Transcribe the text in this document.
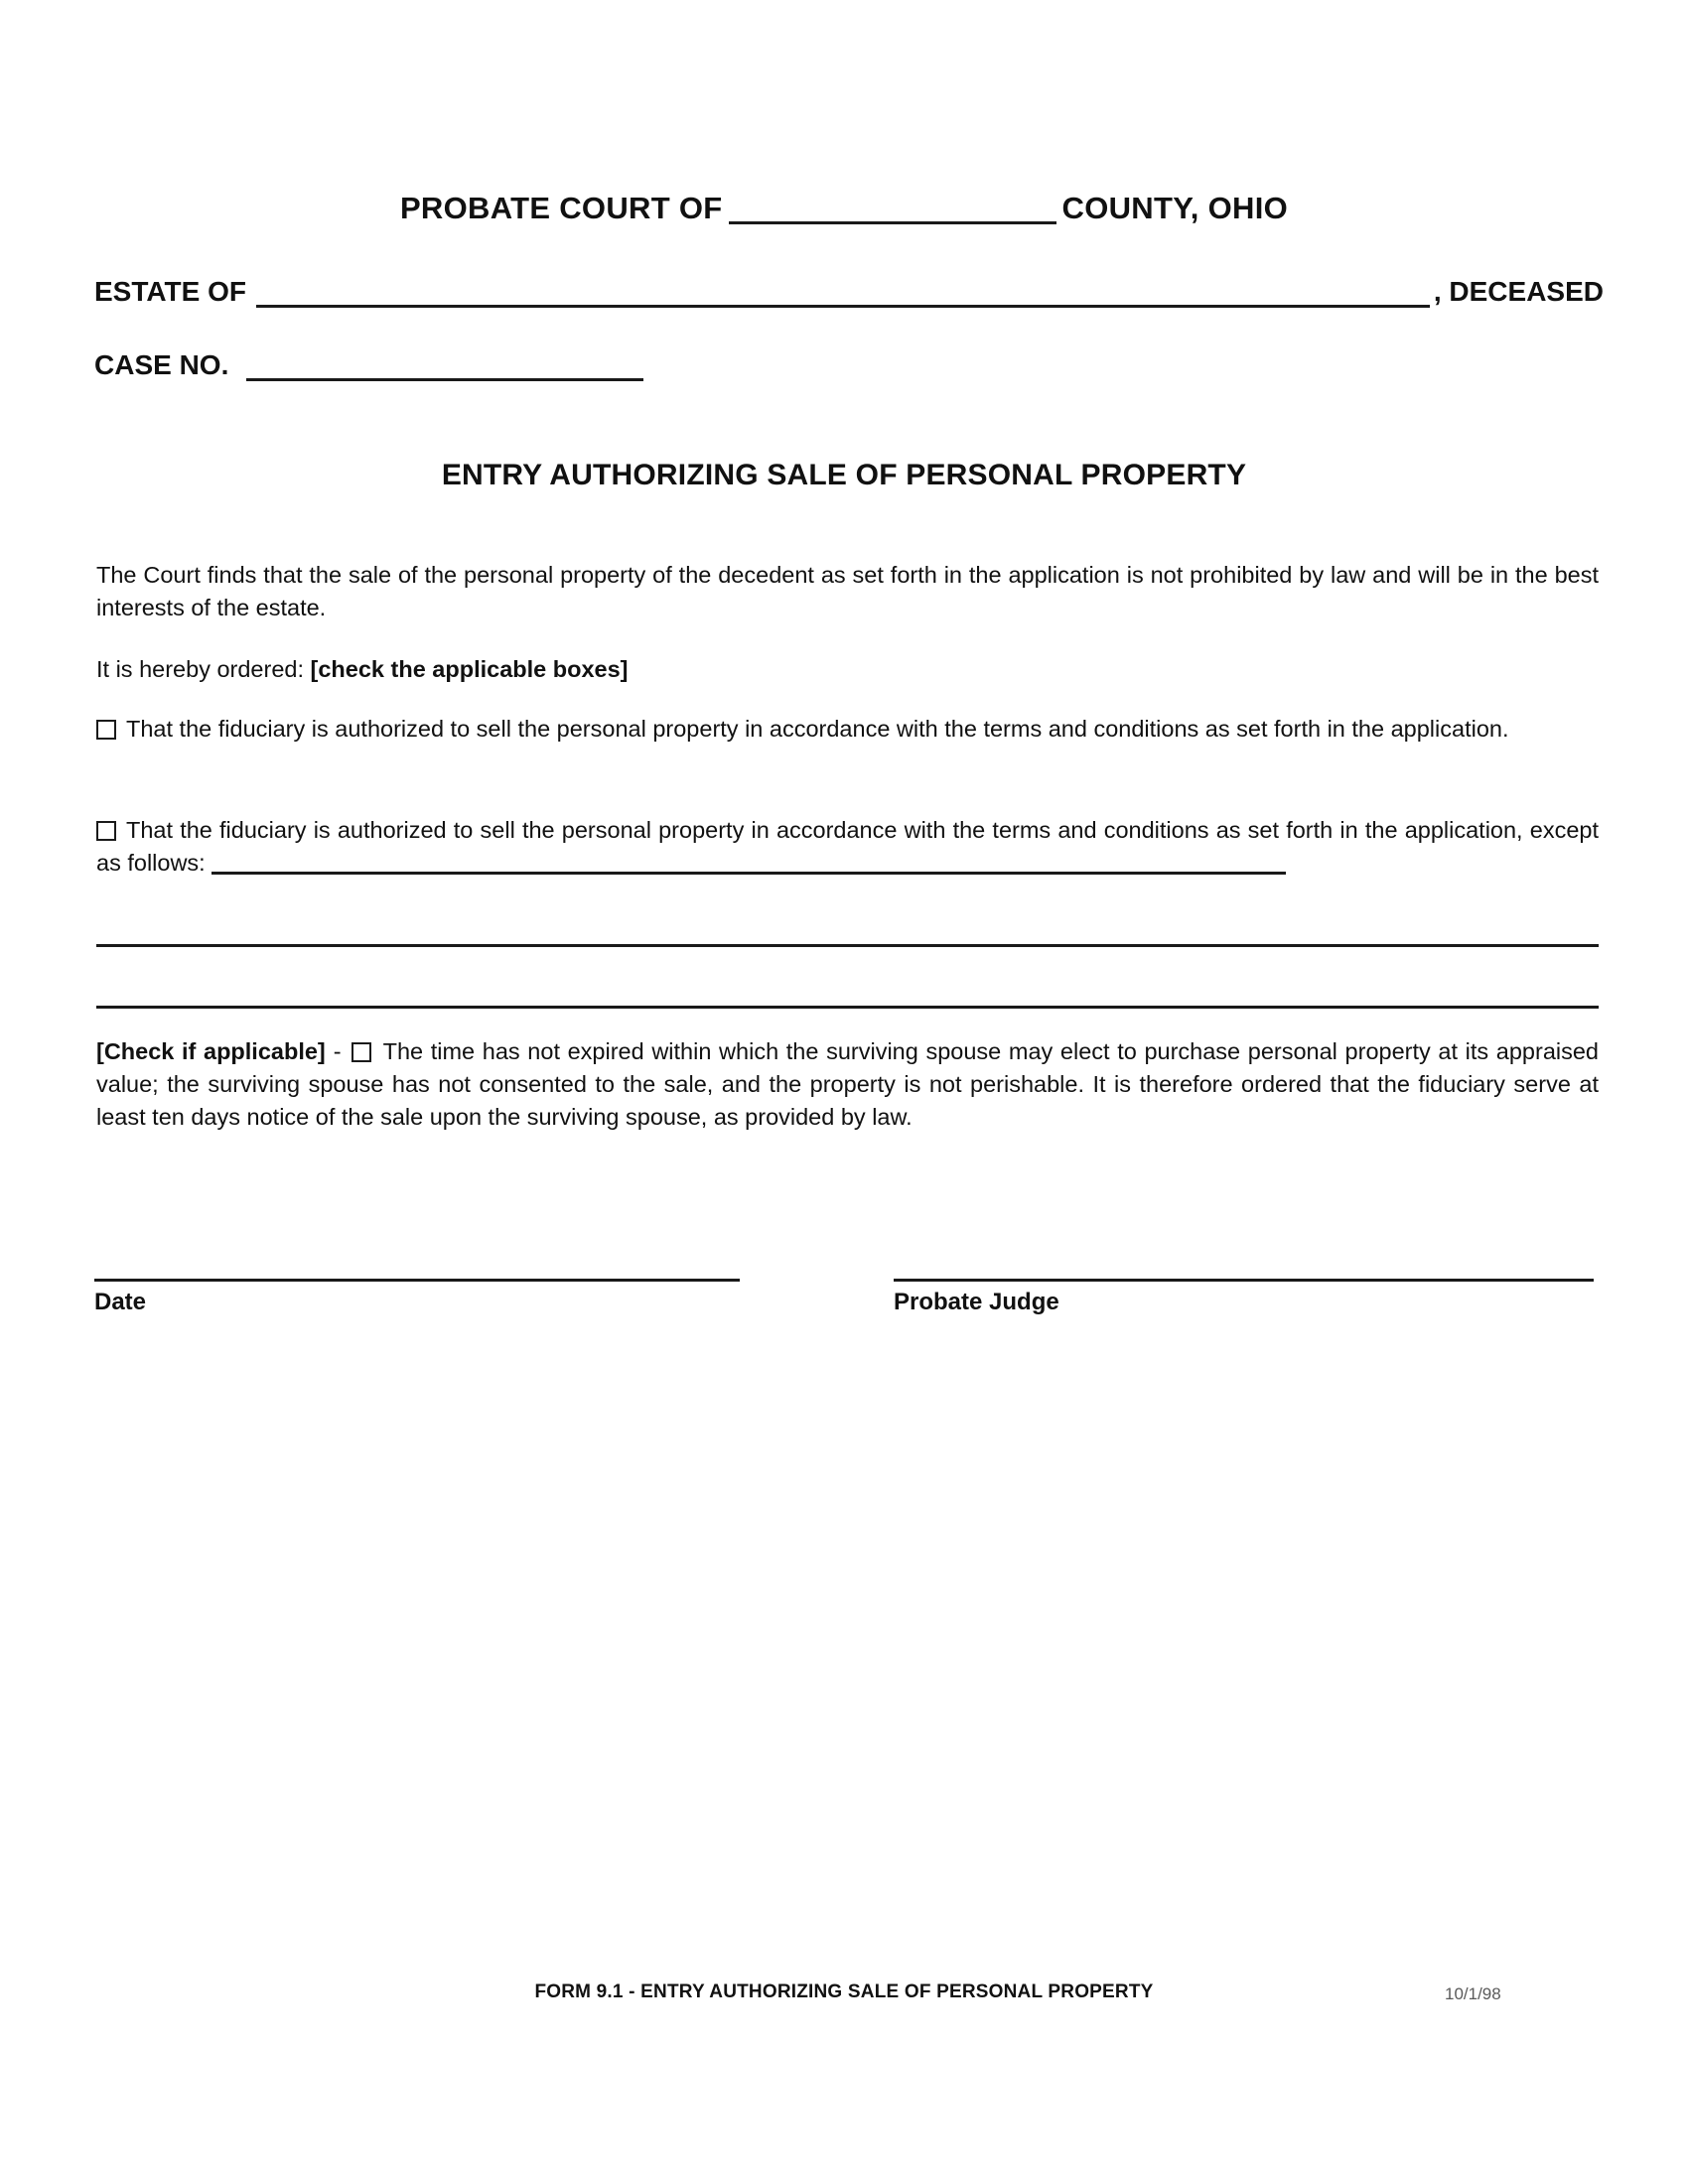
PROBATE COURT OF	COUNTY, OHIO
ESTATE OF	, DECEASED
CASE NO.
ENTRY AUTHORIZING SALE OF PERSONAL PROPERTY
The Court finds that the sale of the personal property of the decedent as set forth in the application is not prohibited by law and will be in the best interests of the estate.
It is hereby ordered: [check the applicable boxes]
That the fiduciary is authorized to sell the personal property in accordance with the terms and conditions as set forth in the application.
That the fiduciary is authorized to sell the personal property in accordance with the terms and conditions as set forth in the application, except as follows:
[Check if applicable] - The time has not expired within which the surviving spouse may elect to purchase personal property at its appraised value; the surviving spouse has not consented to the sale, and the property is not perishable. It is therefore ordered that the fiduciary serve at least ten days notice of the sale upon the surviving spouse, as provided by law.
Date	Probate Judge
FORM 9.1 - ENTRY AUTHORIZING SALE OF PERSONAL PROPERTY	10/1/98
